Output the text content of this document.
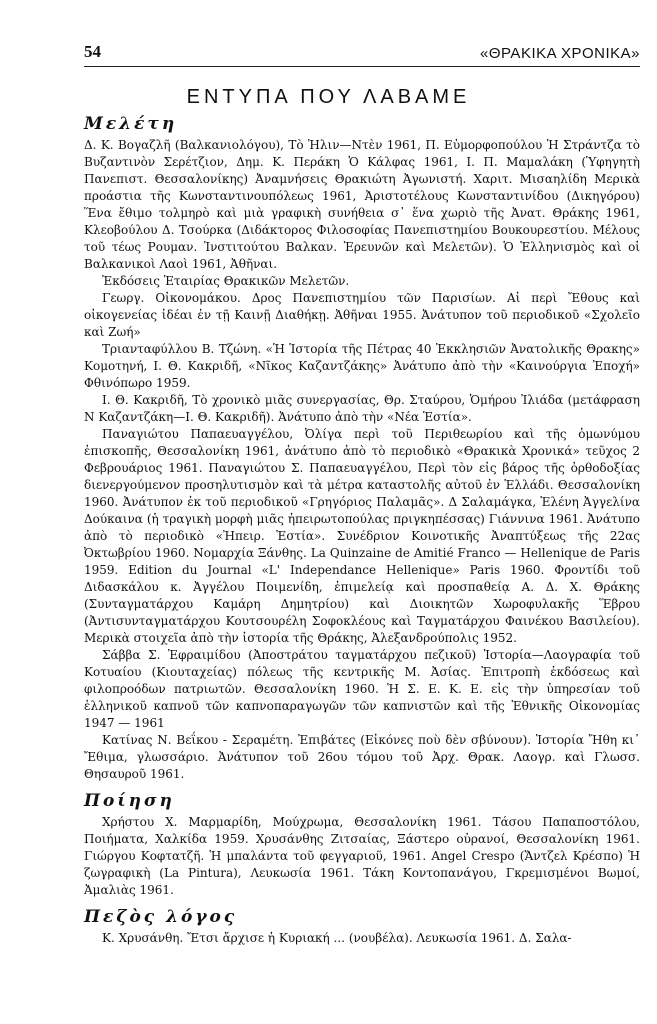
54	«ΘΡΑΚΙΚΑ ΧΡΟΝΙΚΑ»
ΕΝΤΥΠΑ ΠΟΥ ΛΑΒΑΜΕ
Μελέτη

Δ. Κ. Βογαζλῆ (Βαλκανιολόγου), Τὸ Ἠλιν—Ντὲν 1961, Π. Εὐμορφοπούλου Ἡ Στράντζα τὸ Βυζαντινὸν Σερέτζιον, Δημ. Κ. Περάκη Ὁ Κάλφας 1961, Ι. Π. Μαμαλάκη (Ὑφηγητὴ Πανεπιστ. Θεσσαλονίκης) Ἀναμνήσεις Θρακιώτη Ἀγωνιστή. Χαριτ. Μισαηλίδη Μερικὰ προάστια τῆς Κωνσταντινουπόλεως 1961, Ἀριστοτέλους Κωνσταντινίδου (Δικηγόρου) Ἕνα ἔθιμο τολμηρὸ καὶ μιὰ γραφικὴ συνήθεια σ᾽ ἕνα χωριὸ τῆς Ἀνατ. Θράκης 1961, Κλεοβούλου Δ. Τσούρκα (Διδάκτορος Φιλοσοφίας Πανεπιστημίου Βουκουρεστίου. Μέλους τοῦ τέως Ρουμαν. Ἰνστιτούτου Βαλκαν. Ἐρευνῶν καὶ Μελετῶν). Ὁ Ἑλληνισμὸς καὶ οἱ Βαλκανικοὶ Λαοὶ 1961, Ἀθῆναι.

Ἐκδόσεις Ἑταιρίας Θρακικῶν Μελετῶν.

Γεωργ. Οἰκονομάκου. Δρος Πανεπιστημίου τῶν Παρισίων. Αἱ περὶ Ἔθους καὶ οἰκογενείας ἰδέαι ἐν τῇ Καινῇ Διαθήκῃ. Ἀθῆναι 1955. Ἀνάτυπον τοῦ περιοδικοῦ «Σχολεῖο καὶ Ζωή»

Τριανταφύλλου Β. Τζώνη. «Ἡ Ἱστορία τῆς Πέτρας 40 Ἐκκλησιῶν Ἀνατολικῆς Θρακης» Κομοτηνή, Ι. Θ. Κακριδῆ, «Νῖκος Καζαντζάκης» Ἀνάτυπο ἀπὸ τὴν «Καινούργια Ἐποχή» Φθινόπωρο 1959.

Ι. Θ. Κακριδῆ, Τὸ χρονικὸ μιᾶς συνεργασίας, Θρ. Σταύρου, Ὁμήρου Ἰλιάδα (μετάφραση Ν Καζαντζάκη—Ι. Θ. Κακριδῆ). Ἀνάτυπο ἀπὸ τὴν «Νέα Ἑστία».

Παναγιώτου Παπαευαγγέλου, Ὀλίγα περὶ τοῦ Περιθεωρίου καὶ τῆς ὁμωνύμου ἐπισκοπῆς, Θεσσαλονίκη 1961, ἀνάτυπο ἀπὸ τὸ περιοδικὸ «Θρακικὰ Χρονικά» τεῦχος 2 Φεβρουάριος 1961. Παναγιώτου Σ. Παπαευαγγέλου, Περὶ τὸν εἰς βάρος τῆς ὀρθοδοξίας διενεργούμενον προσηλυτισμὸν καὶ τὰ μέτρα καταστολῆς αὐτοῦ ἐν Ἑλλάδι. Θεσσαλονίκη 1960. Ἀνάτυπον ἐκ τοῦ περιοδικοῦ «Γρηγόριος Παλαμᾶς». Δ Σαλαμάγκα, Ἑλένη Ἀγγελίνα Δούκαινα (ἡ τραγικὴ μορφὴ μιᾶς ἠπειρωτοπούλας πριγκηπέσσας) Γιάννινα 1961. Ἀνάτυπο ἀπὸ τὸ περιοδικὸ «Ἠπειρ. Ἑστία». Συνέδριον Κοινοτικῆς Ἀναπτύξεως τῆς 22ας Ὀκτωβρίου 1960. Νομαρχία Ξάνθης. La Quinzaine de Amitié Franco — Hellenique de Paris 1959. Edition du Journal «L' Independance Hellenique» Paris 1960. Φροντίδι τοῦ Διδασκάλου κ. Ἀγγέλου Ποιμενίδη, ἐπιμελείᾳ καὶ προσπαθείᾳ Α. Δ. Χ. Θράκης (Συνταγματάρχου Καμάρη Δημητρίου) καὶ Διοικητῶν Χωροφυλακῆς Ἕβρου (Ἀντισυνταγματάρχου Κουτσουρέλη Σοφοκλέους καὶ Ταγματάρχου Φαινέκου Βασιλείου). Μερικὰ στοιχεῖα ἀπὸ τὴν ἱστορία τῆς Θράκης, Ἀλεξανδρούπολις 1952.

Σάββα Σ. Ἐφραιμίδου (Ἀποστράτου ταγματάρχου πεζικοῦ) Ἱστορία—Λαογραφία τοῦ Κοτυαίου (Κιουταχείας) πόλεως τῆς κεντρικῆς Μ. Ἀσίας. Ἐπιτροπὴ ἐκδόσεως καὶ φιλοπροόδων πατριωτῶν. Θεσσαλονίκη 1960. Ἡ Σ. Ε. Κ. Ε. εἰς τὴν ὑπηρεσίαν τοῦ ἑλληνικοῦ καπνοῦ τῶν καπνοπαραγωγῶν τῶν καπνιστῶν καὶ τῆς Ἐθνικῆς Οἰκονομίας 1947 — 1961

Κατίνας Ν. Βεΐκου - Σεραμέτη. Ἐπιβάτες (Εἰκόνες ποὺ δὲν σβύνουν). Ἱστορία Ἤθη κι᾽ Ἔθιμα, γλωσσάριο. Ἀνάτυπον τοῦ 26ου τόμου τοῦ Ἀρχ. Θρακ. Λαογρ. καὶ Γλωσσ. Θησαυροῦ 1961.

Ποίηση

Χρήστου Χ. Μαρμαρίδη, Μούχρωμα, Θεσσαλονίκη 1961. Τάσου Παπαποστόλου, Ποιήματα, Χαλκίδα 1959. Χρυσάνθης Ζιτσαίας, Ξάστερο οὐρανοί, Θεσσαλονίκη 1961. Γιώργου Κοφτατζῆ. Ἡ μπαλάντα τοῦ φεγγαριοῦ, 1961. Angel Crespo (Ἄντζελ Κρέσπο) Ἡ ζωγραφικὴ (La Pintura), Λευκωσία 1961. Τάκη Κοντοπανάγου, Γκρεμισμένοι Βωμοί, Ἀμαλιὰς 1961.

Πεζὸς λόγος

Κ. Χρυσάνθη. Ἔτσι ἄρχισε ἡ Κυριακή ... (νουβέλα). Λευκωσία 1961. Δ. Σαλα-
